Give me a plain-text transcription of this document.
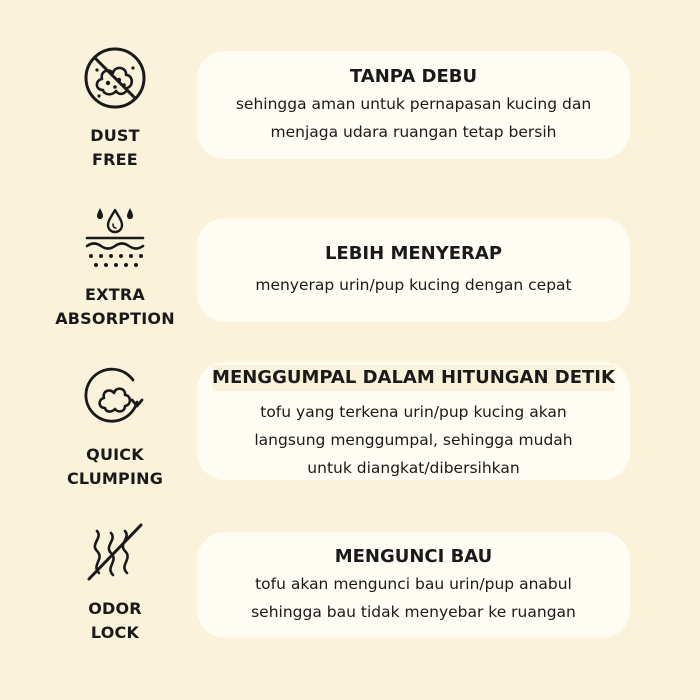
DUST
FREE
TANPA DEBU
sehingga aman untuk pernapasan kucing dan
menjaga udara ruangan tetap bersih
EXTRA
ABSORPTION
LEBIH MENYERAP
menyerap urin/pup kucing dengan cepat
QUICK
CLUMPING
MENGGUMPAL DALAM HITUNGAN DETIK
tofu yang terkena urin/pup kucing akan
langsung menggumpal, sehingga mudah
untuk diangkat/dibersihkan
ODOR
LOCK
MENGUNCI BAU
tofu akan mengunci bau urin/pup anabul
sehingga bau tidak menyebar ke ruangan
